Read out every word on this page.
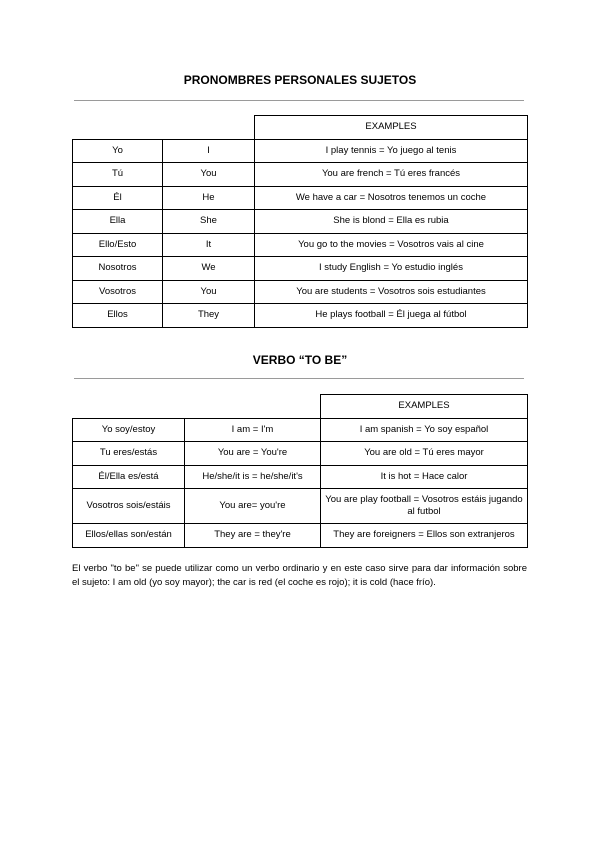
PRONOMBRES PERSONALES SUJETOS
		EXAMPLES
Yo	I	I play tennis = Yo juego al tenis
Tú	You	You are french = Tú eres francés
Él	He	We have a car = Nosotros tenemos un coche
Ella	She	She is blond = Ella es rubia
Ello/Esto	It	You go to the movies = Vosotros vais al cine
Nosotros	We	I study English = Yo estudio inglés
Vosotros	You	You are students = Vosotros sois estudiantes
Ellos	They	He plays football = Él juega al fútbol
VERBO “TO BE”
		EXAMPLES
Yo soy/estoy	I am = I'm	I am spanish = Yo soy español
Tu eres/estás	You are = You're	You are old = Tú eres mayor
Él/Ella es/está	He/she/it is = he/she/it's	It is hot = Hace calor
Vosotros sois/estáis	You are= you're	You are play football = Vosotros estáis jugando al futbol
Ellos/ellas son/están	They are = they're	They are foreigners = Ellos son extranjeros

El verbo "to be" se puede utilizar como un verbo ordinario y en este caso sirve para dar información sobre el sujeto: I am old (yo soy mayor); the car is red (el coche es rojo); it is cold (hace frío).
